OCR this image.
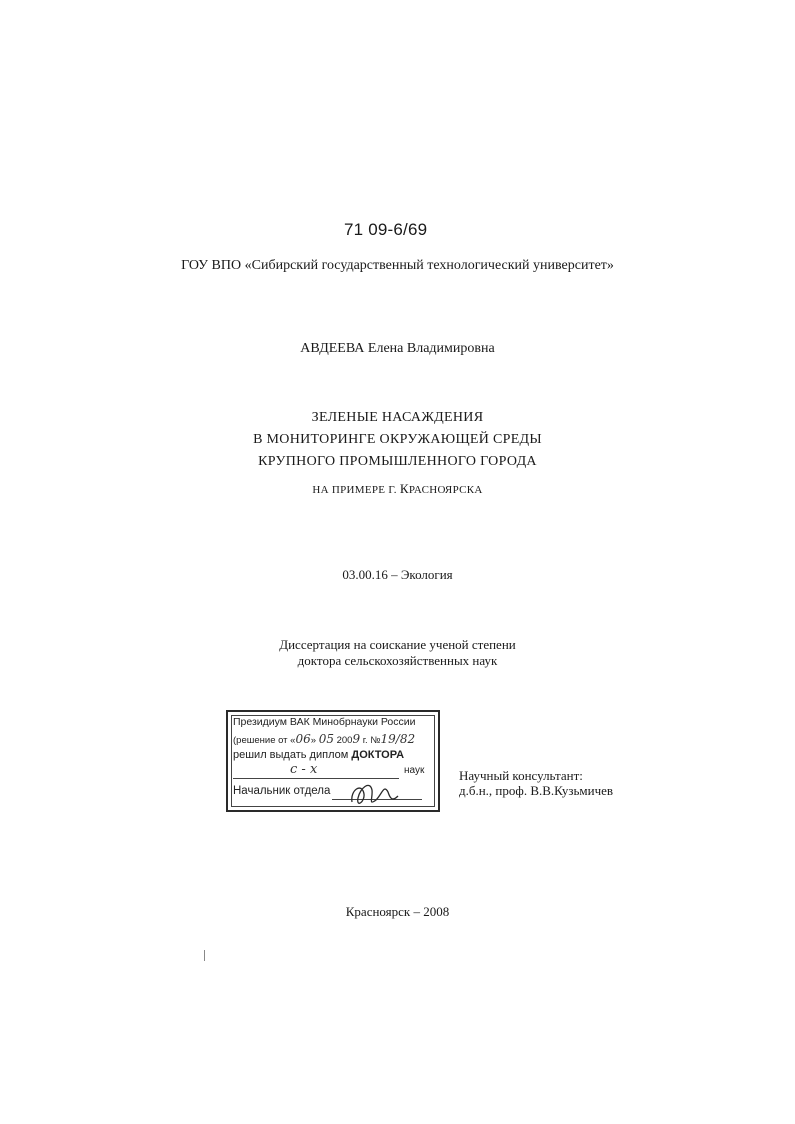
71 09-6/69
ГОУ ВПО «Сибирский государственный технологический университет»
АВДЕЕВА Елена Владимировна
ЗЕЛЕНЫЕ НАСАЖДЕНИЯ
В МОНИТОРИНГЕ ОКРУЖАЮЩЕЙ СРЕДЫ
КРУПНОГО ПРОМЫШЛЕННОГО ГОРОДА
НА ПРИМЕРЕ Г. КРАСНОЯРСКА
03.00.16 – Экология
Диссертация на соискание ученой степени
доктора сельскохозяйственных наук
Президиум ВАК Минобрнауки России
(решение от «06» 05 2009 г. №19/82
решил выдать диплом ДОКТОРА
с - х	наук
Начальник отдела
Научный консультант:
д.б.н., проф. В.В.Кузьмичев
Красноярск – 2008
